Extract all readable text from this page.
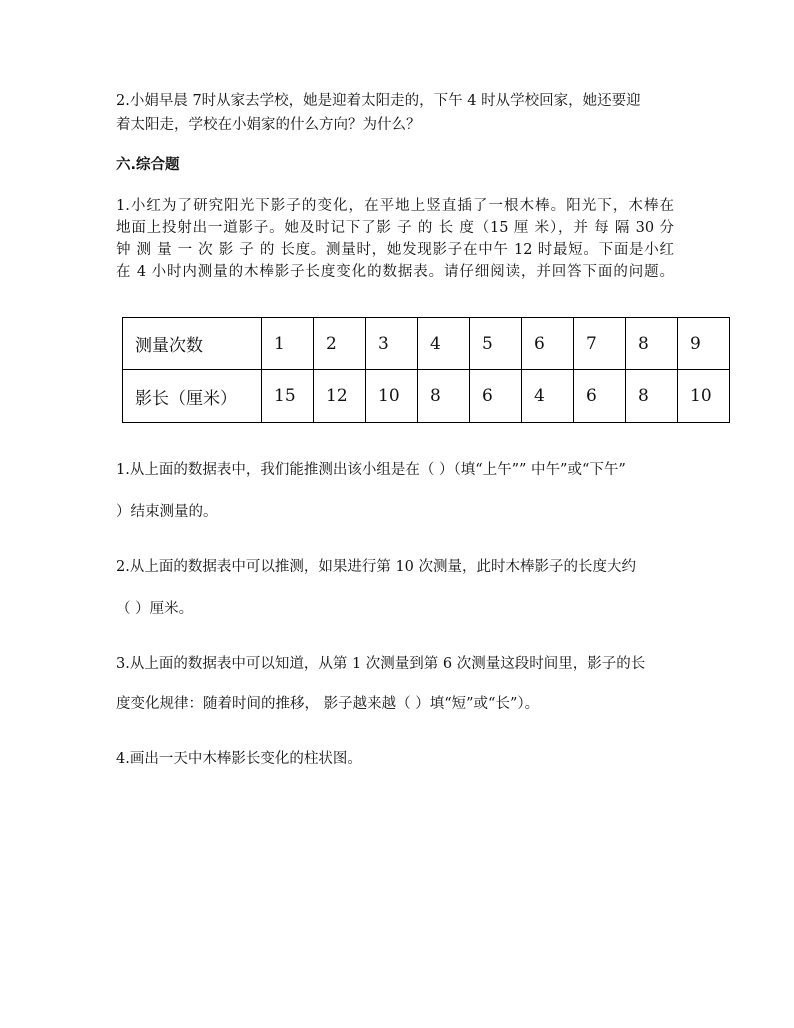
2.小娟早晨 7时从家去学校，她是迎着太阳走的，下午 4 时从学校回家，她还要迎
着太阳走，学校在小娟家的什么方向？为什么？
六.综合题
1.小红为了研究阳光下影子的变化，在平地上竖直插了一根木棒。阳光下，木棒在
地面上投射出一道影子。她及时记下了影 子 的 长 度（15 厘 米），并 每 隔 30 分
钟 测 量 一 次 影 子 的 长度。测量时，她发现影子在中午 12 时最短。下面是小红
在 4 小时内测量的木棒影子长度变化的数据表。请仔细阅读，并回答下面的问题。
测量次数	1	2	3	4	5	6	7	8	9
影长（厘米）	15	12	10	8	6	4	6	8	10
1.从上面的数据表中，我们能推测出该小组是在（ ）（填“上午”” 中午”或“下午”
）结束测量的。
2.从上面的数据表中可以推测，如果进行第 10 次测量，此时木棒影子的长度大约
（ ）厘米。
3.从上面的数据表中可以知道，从第 1 次测量到第 6 次测量这段时间里，影子的长
度变化规律：随着时间的推移， 影子越来越（ ）填“短”或“长”）。
4.画出一天中木棒影长变化的柱状图。
